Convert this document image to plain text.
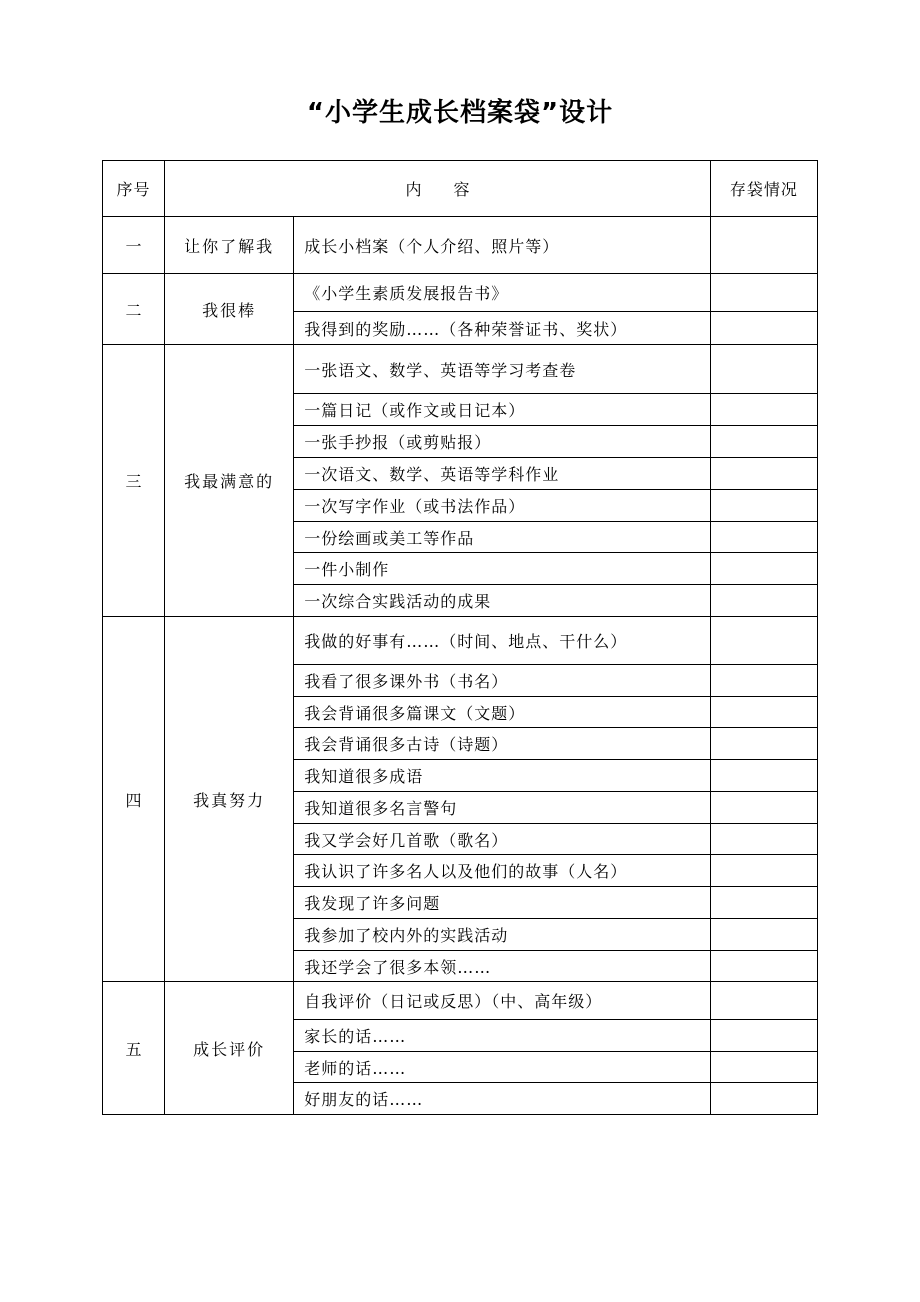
“小学生成长档案袋”设计
序号	内　　容		存袋情况
一	让你了解我	成长小档案（个人介绍、照片等）	
二	我很棒	《小学生素质发展报告书》	
		我得到的奖励……（各种荣誉证书、奖状）	
三	我最满意的	一张语文、数学、英语等学习考查卷	
		一篇日记（或作文或日记本）	
		一张手抄报（或剪贴报）	
		一次语文、数学、英语等学科作业	
		一次写字作业（或书法作品）	
		一份绘画或美工等作品	
		一件小制作	
		一次综合实践活动的成果	
四	我真努力	我做的好事有……（时间、地点、干什么）	
		我看了很多课外书（书名）	
		我会背诵很多篇课文（文题）	
		我会背诵很多古诗（诗题）	
		我知道很多成语	
		我知道很多名言警句	
		我又学会好几首歌（歌名）	
		我认识了许多名人以及他们的故事（人名）	
		我发现了许多问题	
		我参加了校内外的实践活动	
		我还学会了很多本领……	
五	成长评价	自我评价（日记或反思）（中、高年级）	
		家长的话……	
		老师的话……	
		好朋友的话……	
